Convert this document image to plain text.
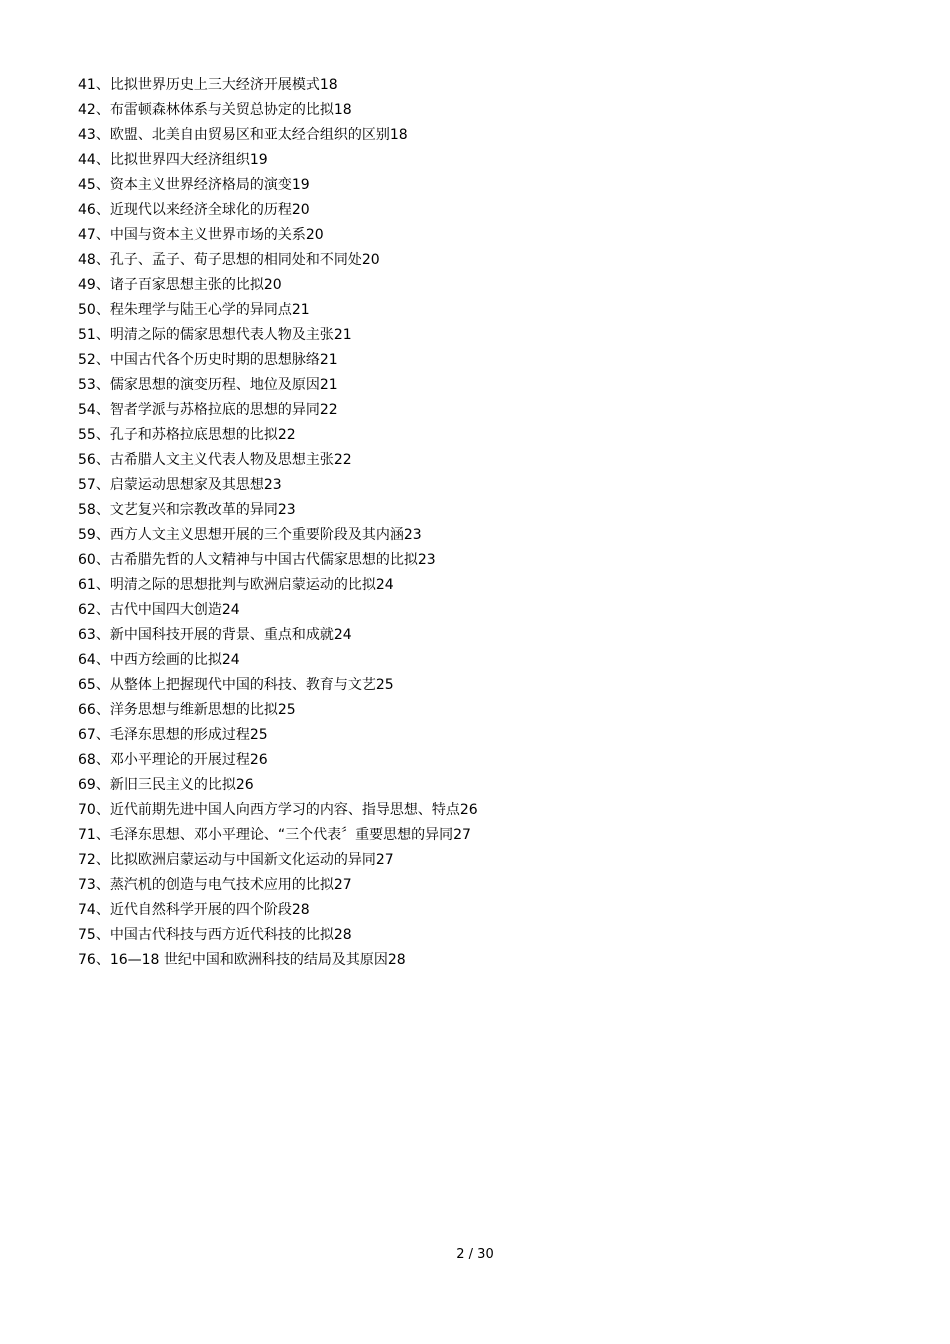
41、比拟世界历史上三大经济开展模式18
42、布雷顿森林体系与关贸总协定的比拟18
43、欧盟、北美自由贸易区和亚太经合组织的区别18
44、比拟世界四大经济组织19
45、资本主义世界经济格局的演变19
46、近现代以来经济全球化的历程20
47、中国与资本主义世界市场的关系20
48、孔子、孟子、荀子思想的相同处和不同处20
49、诸子百家思想主张的比拟20
50、程朱理学与陆王心学的异同点21
51、明清之际的儒家思想代表人物及主张21
52、中国古代各个历史时期的思想脉络21
53、儒家思想的演变历程、地位及原因21
54、智者学派与苏格拉底的思想的异同22
55、孔子和苏格拉底思想的比拟22
56、古希腊人文主义代表人物及思想主张22
57、启蒙运动思想家及其思想23
58、文艺复兴和宗教改革的异同23
59、西方人文主义思想开展的三个重要阶段及其内涵23
60、古希腊先哲的人文精神与中国古代儒家思想的比拟23
61、明清之际的思想批判与欧洲启蒙运动的比拟24
62、古代中国四大创造24
63、新中国科技开展的背景、重点和成就24
64、中西方绘画的比拟24
65、从整体上把握现代中国的科技、教育与文艺25
66、洋务思想与维新思想的比拟25
67、毛泽东思想的形成过程25
68、邓小平理论的开展过程26
69、新旧三民主义的比拟26
70、近代前期先进中国人向西方学习的内容、指导思想、特点26
71、毛泽东思想、邓小平理论、“三个代表〞重要思想的异同27
72、比拟欧洲启蒙运动与中国新文化运动的异同27
73、蒸汽机的创造与电气技术应用的比拟27
74、近代自然科学开展的四个阶段28
75、中国古代科技与西方近代科技的比拟28
76、16—18 世纪中国和欧洲科技的结局及其原因28
2 / 30
